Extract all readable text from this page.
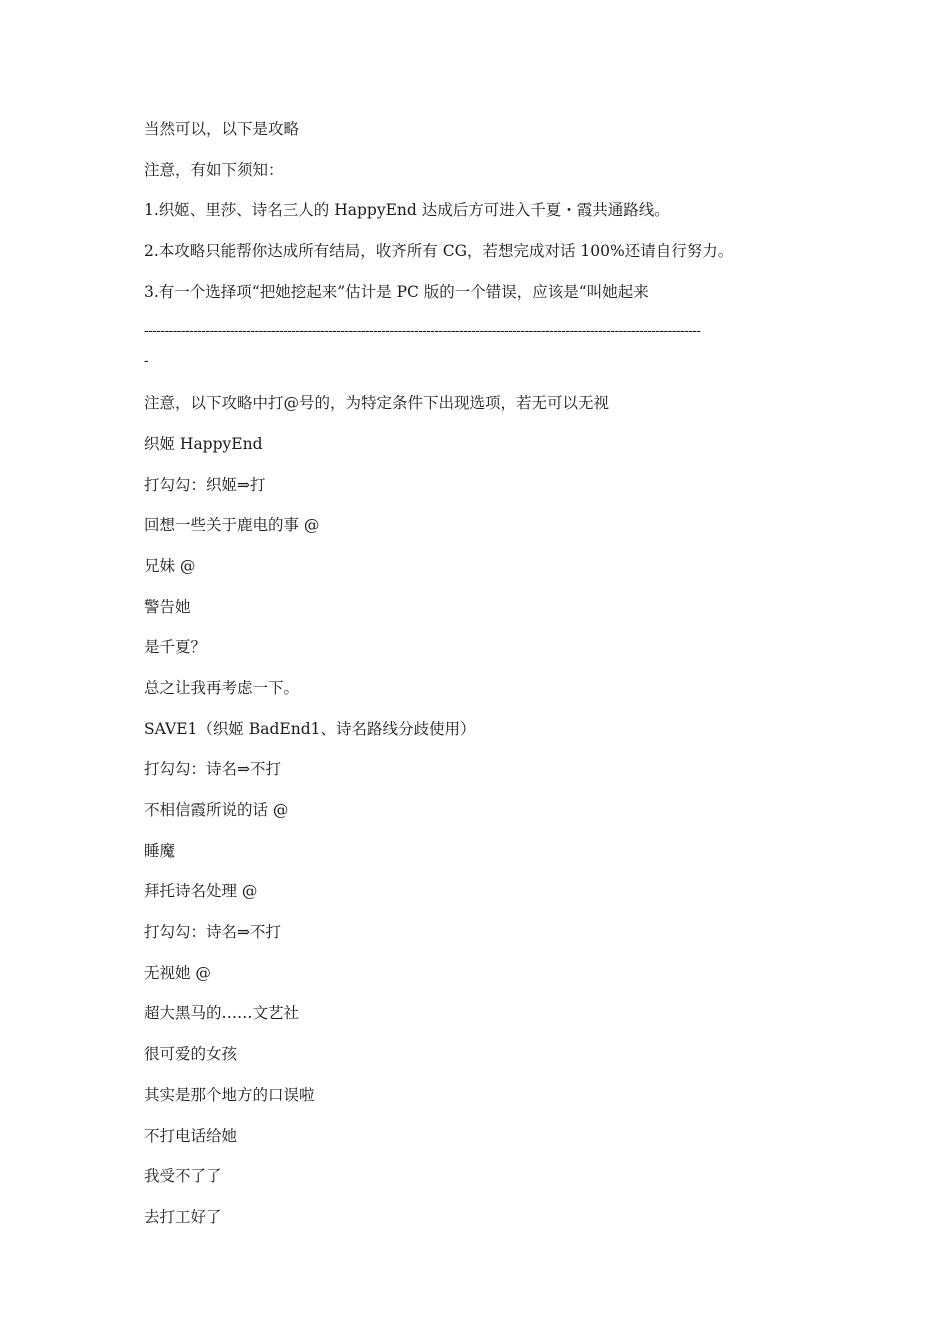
当然可以，以下是攻略
注意，有如下须知：
1.织姬、里莎、诗名三人的 HappyEnd 达成后方可进入千夏・霞共通路线。
2.本攻略只能帮你达成所有结局，收齐所有 CG，若想完成对话 100%还请自行努力。
3.有一个选择项“把她挖起来”估计是 PC 版的一个错误，应该是“叫她起来
----------------------------------------------------------------------------------------------------------------------------------------
-
注意，以下攻略中打@号的，为特定条件下出现选项，若无可以无视
织姬 HappyEnd
打勾勾：织姬⇒打
回想一些关于鹿电的事 @
兄妹 @
警告她
是千夏？
总之让我再考虑一下。
SAVE1（织姬 BadEnd1、诗名路线分歧使用）
打勾勾：诗名⇒不打
不相信霞所说的话 @
睡魔
拜托诗名处理 @
打勾勾：诗名⇒不打
无视她 @
超大黑马的……文艺社
很可爱的女孩
其实是那个地方的口误啦
不打电话给她
我受不了了
去打工好了
